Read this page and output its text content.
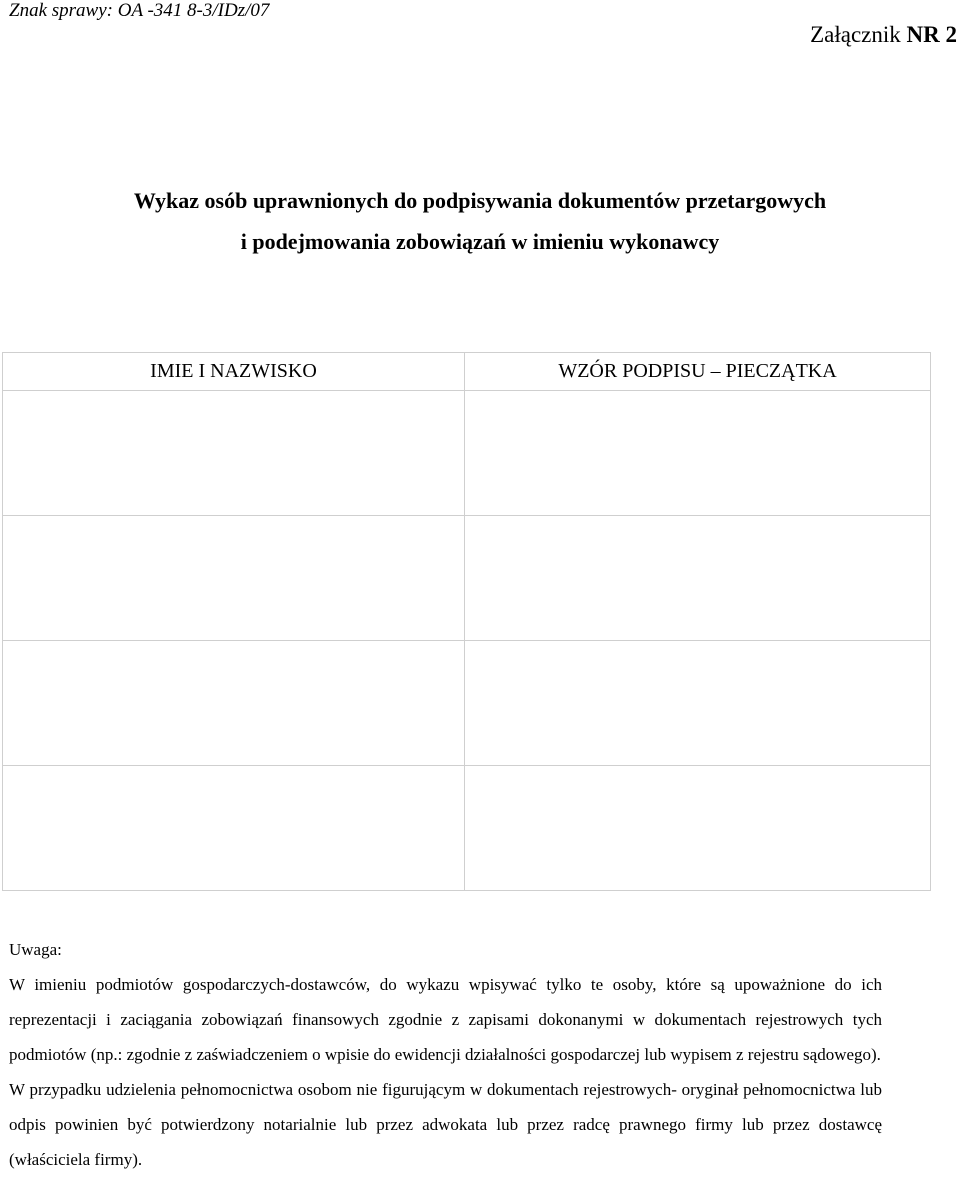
Znak sprawy: OA -341 8-3/IDz/07
Załącznik NR 2
Wykaz osób uprawnionych do podpisywania dokumentów przetargowych
i podejmowania zobowiązań w imieniu wykonawcy
IMIE I NAZWISKO	WZÓR PODPISU – PIECZĄTKA

Uwaga:

W imieniu podmiotów gospodarczych-dostawców, do wykazu wpisywać tylko te osoby, które są upoważnione do ich reprezentacji i zaciągania zobowiązań finansowych zgodnie z zapisami dokonanymi w dokumentach rejestrowych tych podmiotów (np.: zgodnie z zaświadczeniem o wpisie do ewidencji działalności gospodarczej lub wypisem z rejestru sądowego).

W przypadku udzielenia pełnomocnictwa osobom nie figurującym w dokumentach rejestrowych- oryginał pełnomocnictwa lub odpis powinien być potwierdzony notarialnie lub przez adwokata lub przez radcę prawnego firmy lub przez dostawcę (właściciela firmy).
